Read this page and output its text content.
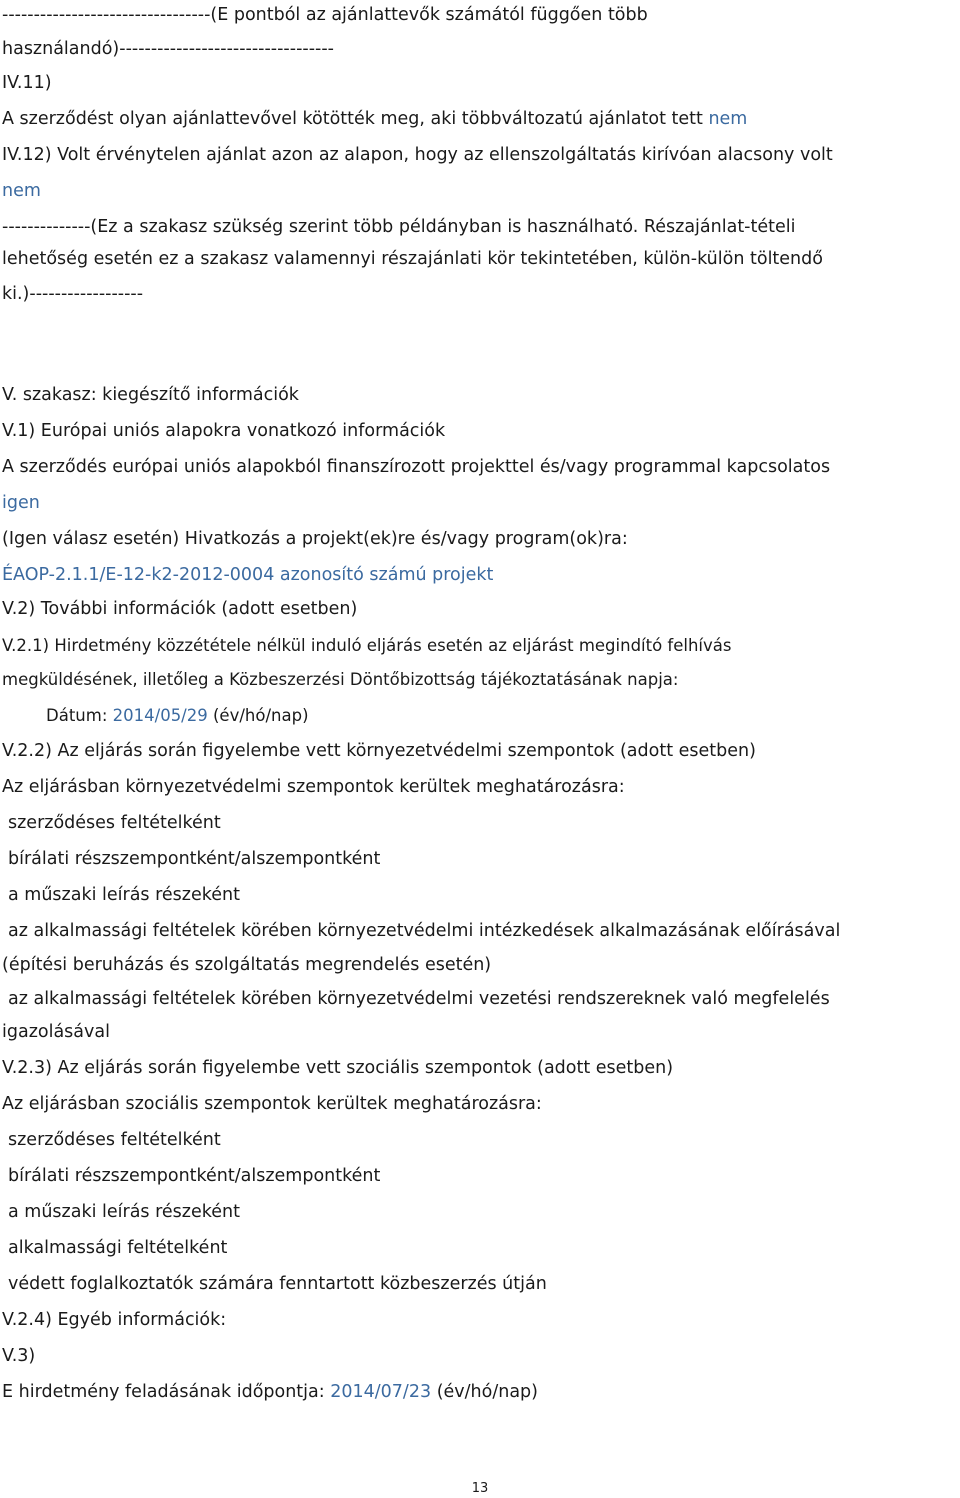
---------------------------------(E pontból az ajánlattevők számától függően több
használandó)----------------------------------
IV.11)
A szerződést olyan ajánlattevővel kötötték meg, aki többváltozatú ajánlatot tett nem
IV.12) Volt érvénytelen ajánlat azon az alapon, hogy az ellenszolgáltatás kirívóan alacsony volt
nem
--------------(Ez a szakasz szükség szerint több példányban is használható. Részajánlat-tételi
lehetőség esetén ez a szakasz valamennyi részajánlati kör tekintetében, külön-külön töltendő
ki.)------------------
V. szakasz: kiegészítő információk
V.1) Európai uniós alapokra vonatkozó információk
A szerződés európai uniós alapokból finanszírozott projekttel és/vagy programmal kapcsolatos
igen
(Igen válasz esetén) Hivatkozás a projekt(ek)re és/vagy program(ok)ra:
ÉAOP-2.1.1/E-12-k2-2012-0004 azonosító számú projekt
V.2) További információk (adott esetben)
V.2.1) Hirdetmény közzététele nélkül induló eljárás esetén az eljárást megindító felhívás
megküldésének, illetőleg a Közbeszerzési Döntőbizottság tájékoztatásának napja:
Dátum: 2014/05/29 (év/hó/nap)
V.2.2) Az eljárás során figyelembe vett környezetvédelmi szempontok (adott esetben)
Az eljárásban környezetvédelmi szempontok kerültek meghatározásra:
szerződéses feltételként
bírálati részszempontként/alszempontként
a műszaki leírás részeként
az alkalmassági feltételek körében környezetvédelmi intézkedések alkalmazásának előírásával
(építési beruházás és szolgáltatás megrendelés esetén)
az alkalmassági feltételek körében környezetvédelmi vezetési rendszereknek való megfelelés
igazolásával
V.2.3) Az eljárás során figyelembe vett szociális szempontok (adott esetben)
Az eljárásban szociális szempontok kerültek meghatározásra:
szerződéses feltételként
bírálati részszempontként/alszempontként
a műszaki leírás részeként
alkalmassági feltételként
védett foglalkoztatók számára fenntartott közbeszerzés útján
V.2.4) Egyéb információk:
V.3)
E hirdetmény feladásának időpontja: 2014/07/23 (év/hó/nap)
13
